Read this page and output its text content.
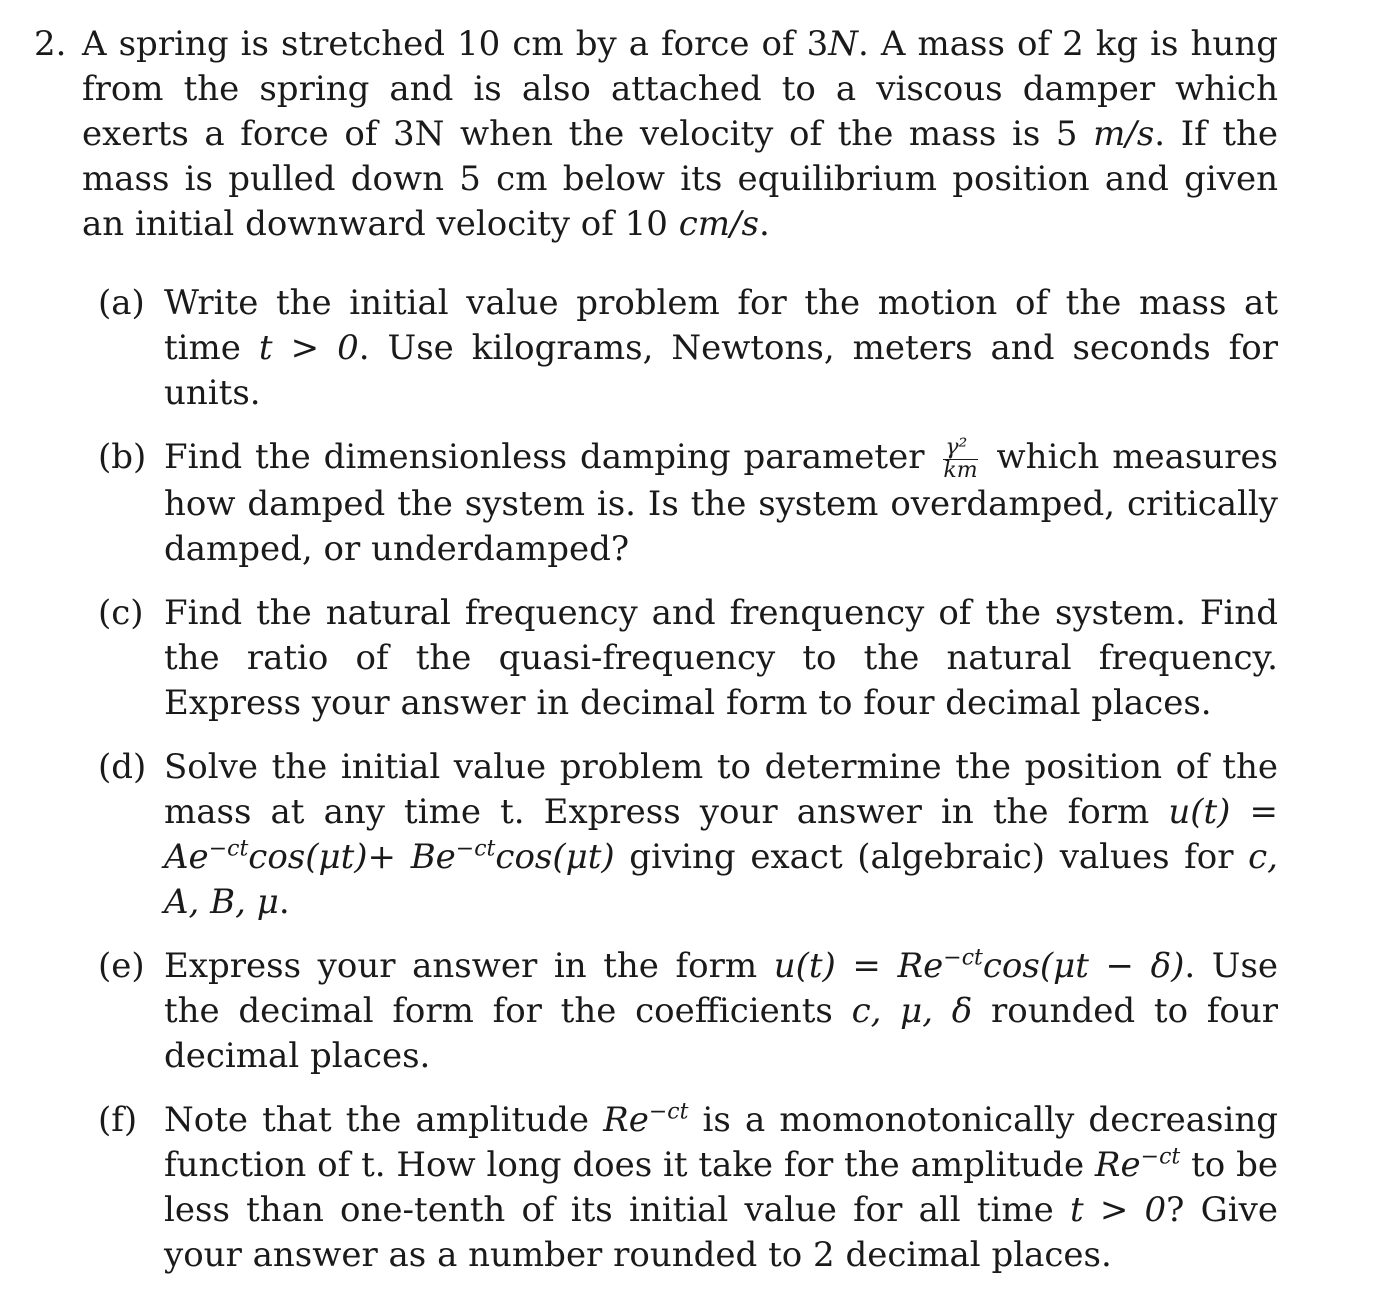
2. A spring is stretched 10 cm by a force of 3N. A mass of 2 kg is hung from the spring and is also attached to a viscous damper which exerts a force of 3N when the velocity of the mass is 5 m/s. If the mass is pulled down 5 cm below its equilibrium position and given an initial downward velocity of 10 cm/s.
(a) Write the initial value problem for the motion of the mass at time t > 0. Use kilograms, Newtons, meters and seconds for units.
(b) Find the dimensionless damping parameter $\frac{\text{γ²}}{km}$ which measures how damped the system is. Is the system overdamped, critically damped, or underdamped?
(c) Find the natural frequency and frenquency of the system. Find the ratio of the quasi-frequency to the natural frequency. Express your answer in decimal form to four decimal places.
(d) Solve the initial value problem to determine the position of the mass at any time t. Express your answer in the form $u(t) = Ae^{-ct}\cos(\mu t)+ Be^{-ct}\cos(\mu t)$ giving exact (algebraic) values for c, A, B, μ.
(e) Express your answer in the form $u(t) = Re^{-ct}\cos(\mu t - \delta)$. Use the decimal form for the coefficients c, μ, δ rounded to four decimal places.
(f) Note that the amplitude $Re^{-ct}$ is a momonotonically decreasing function of t. How long does it take for the amplitude $Re^{-ct}$ to be less than one-tenth of its initial value for all time t > 0? Give your answer as a number rounded to 2 decimal places.
